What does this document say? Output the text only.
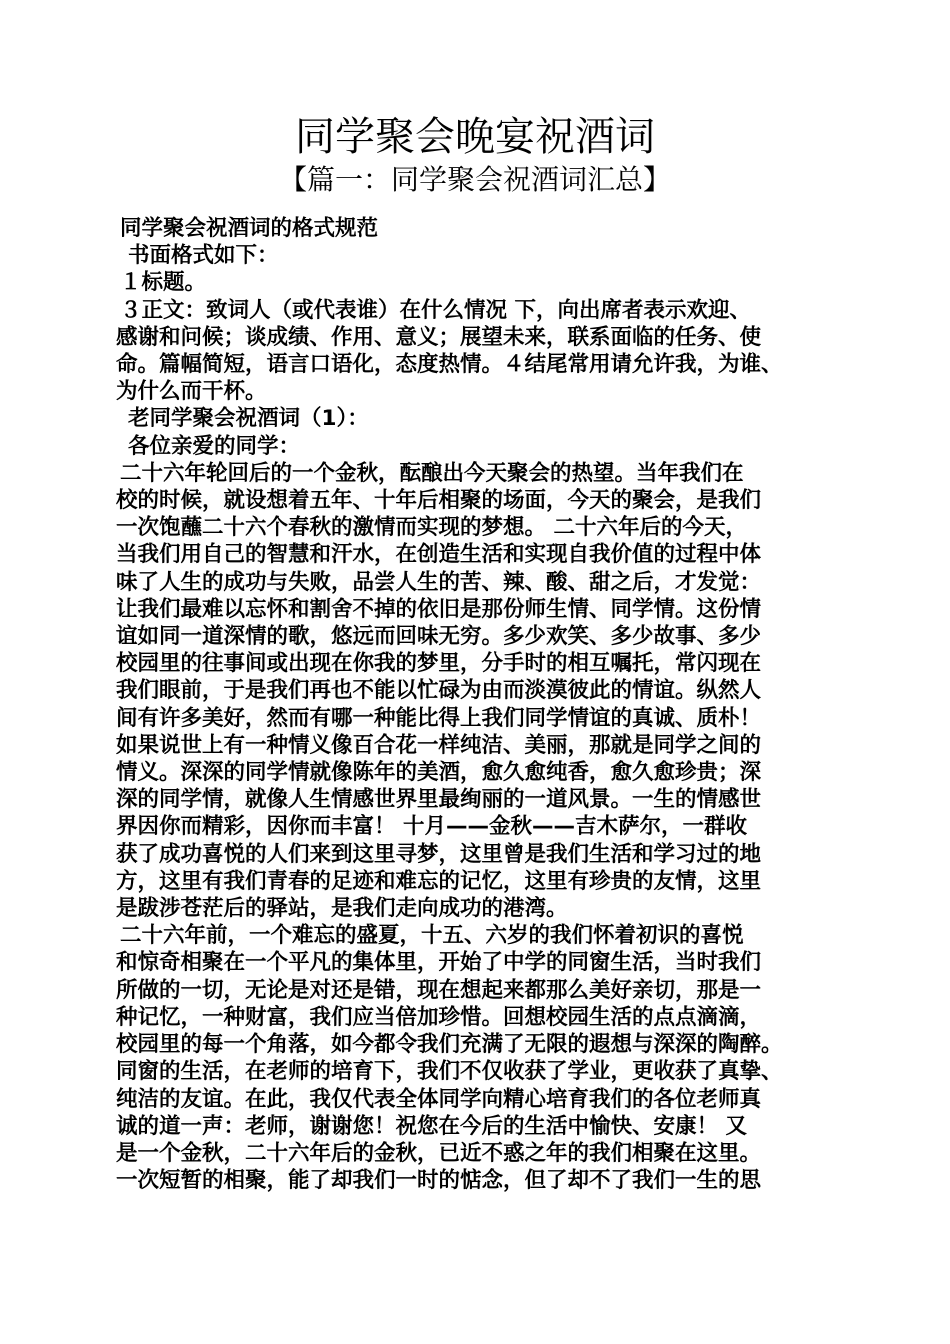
同学聚会晚宴祝酒词
【篇一：同学聚会祝酒词汇总】
同学聚会祝酒词的格式规范
书面格式如下：
１标题。
３正文：致词人（或代表谁）在什么情况 下，向出席者表示欢迎、
感谢和问候；谈成绩、作用、意义；展望未来，联系面临的任务、使
命。篇幅简短，语言口语化，态度热情。４结尾常用请允许我，为谁、
为什么而干杯。
老同学聚会祝酒词（1）：
各位亲爱的同学：
二十六年轮回后的一个金秋，酝酿出今天聚会的热望。当年我们在
校的时候，就设想着五年、十年后相聚的场面，今天的聚会，是我们
一次饱蘸二十六个春秋的激情而实现的梦想。 二十六年后的今天，
当我们用自己的智慧和汗水，在创造生活和实现自我价值的过程中体
味了人生的成功与失败，品尝人生的苦、辣、酸、甜之后，才发觉：
让我们最难以忘怀和割舍不掉的依旧是那份师生情、同学情。这份情
谊如同一道深情的歌，悠远而回味无穷。多少欢笑、多少故事、多少
校园里的往事间或出现在你我的梦里，分手时的相互嘱托，常闪现在
我们眼前，于是我们再也不能以忙碌为由而淡漠彼此的情谊。纵然人
间有许多美好，然而有哪一种能比得上我们同学情谊的真诚、质朴！
如果说世上有一种情义像百合花一样纯洁、美丽，那就是同学之间的
情义。深深的同学情就像陈年的美酒，愈久愈纯香，愈久愈珍贵；深
深的同学情，就像人生情感世界里最绚丽的一道风景。一生的情感世
界因你而精彩，因你而丰富！ 十月——金秋——吉木萨尔，一群收
获了成功喜悦的人们来到这里寻梦，这里曾是我们生活和学习过的地
方，这里有我们青春的足迹和难忘的记忆，这里有珍贵的友情，这里
是跋涉苍茫后的驿站，是我们走向成功的港湾。
二十六年前，一个难忘的盛夏，十五、六岁的我们怀着初识的喜悦
和惊奇相聚在一个平凡的集体里，开始了中学的同窗生活，当时我们
所做的一切，无论是对还是错，现在想起来都那么美好亲切，那是一
种记忆，一种财富，我们应当倍加珍惜。回想校园生活的点点滴滴，
校园里的每一个角落，如今都令我们充满了无限的遐想与深深的陶醉。
同窗的生活，在老师的培育下，我们不仅收获了学业，更收获了真挚、
纯洁的友谊。在此，我仅代表全体同学向精心培育我们的各位老师真
诚的道一声：老师，谢谢您！祝您在今后的生活中愉快、安康！ 又
是一个金秋，二十六年后的金秋，已近不惑之年的我们相聚在这里。
一次短暂的相聚，能了却我们一时的惦念，但了却不了我们一生的思
